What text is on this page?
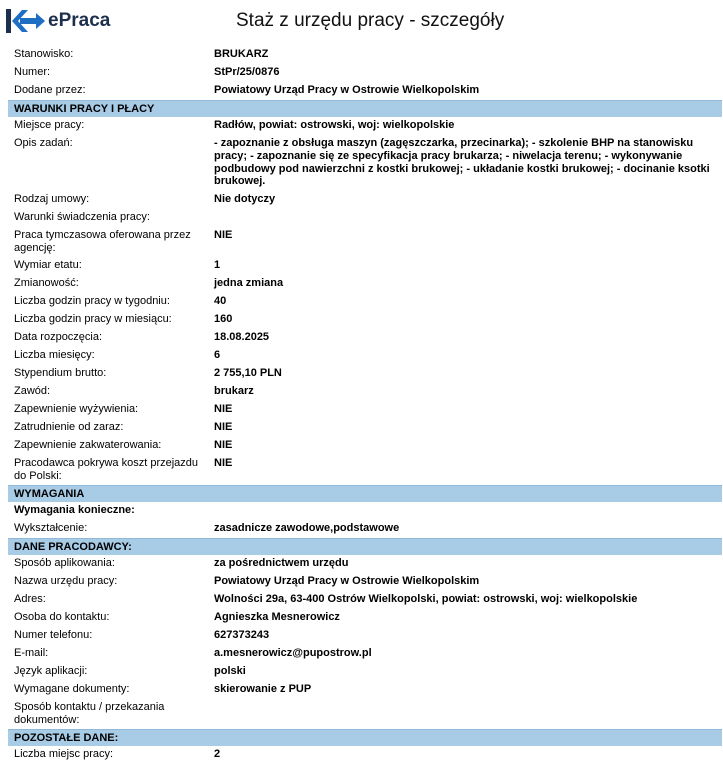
ePraca	Staż z urzędu pracy - szczegóły
Stanowisko:	BRUKARZ
Numer:	StPr/25/0876
Dodane przez:	Powiatowy Urząd Pracy w Ostrowie Wielkopolskim
WARUNKI PRACY I PŁACY
Miejsce pracy:	Radłów, powiat: ostrowski, woj: wielkopolskie
Opis zadań:	- zapoznanie z obsługa maszyn (zagęszczarka, przecinarka); - szkolenie BHP na stanowisku pracy; - zapoznanie się ze specyfikacja pracy brukarza; - niwelacja terenu; - wykonywanie podbudowy pod nawierzchni z kostki brukowej; - układanie kostki brukowej; - docinanie ksotki brukowej.
Rodzaj umowy:	Nie dotyczy
Warunki świadczenia pracy:
Praca tymczasowa oferowana przez agencję:
NIE
Wymiar etatu:	1
Zmianowość:	jedna zmiana
Liczba godzin pracy w tygodniu:	40
Liczba godzin pracy w miesiącu:	160
Data rozpoczęcia:	18.08.2025
Liczba miesięcy:	6
Stypendium brutto:	2 755,10 PLN
Zawód:	brukarz
Zapewnienie wyżywienia:	NIE
Zatrudnienie od zaraz:	NIE
Zapewnienie zakwaterowania:	NIE
Pracodawca pokrywa koszt przejazdu do Polski:
NIE
WYMAGANIA
Wymagania konieczne:
Wykształcenie:	zasadnicze zawodowe,podstawowe
DANE PRACODAWCY:
Sposób aplikowania:	za pośrednictwem urzędu
Nazwa urzędu pracy:	Powiatowy Urząd Pracy w Ostrowie Wielkopolskim
Adres:	Wolności 29a, 63-400 Ostrów Wielkopolski, powiat: ostrowski, woj: wielkopolskie
Osoba do kontaktu:	Agnieszka Mesnerowicz
Numer telefonu:	627373243
E-mail:	a.mesnerowicz@pupostrow.pl
Język aplikacji:	polski
Wymagane dokumenty:	skierowanie z PUP
Sposób kontaktu / przekazania dokumentów:
POZOSTAŁE DANE:
Liczba miejsc pracy:	2
